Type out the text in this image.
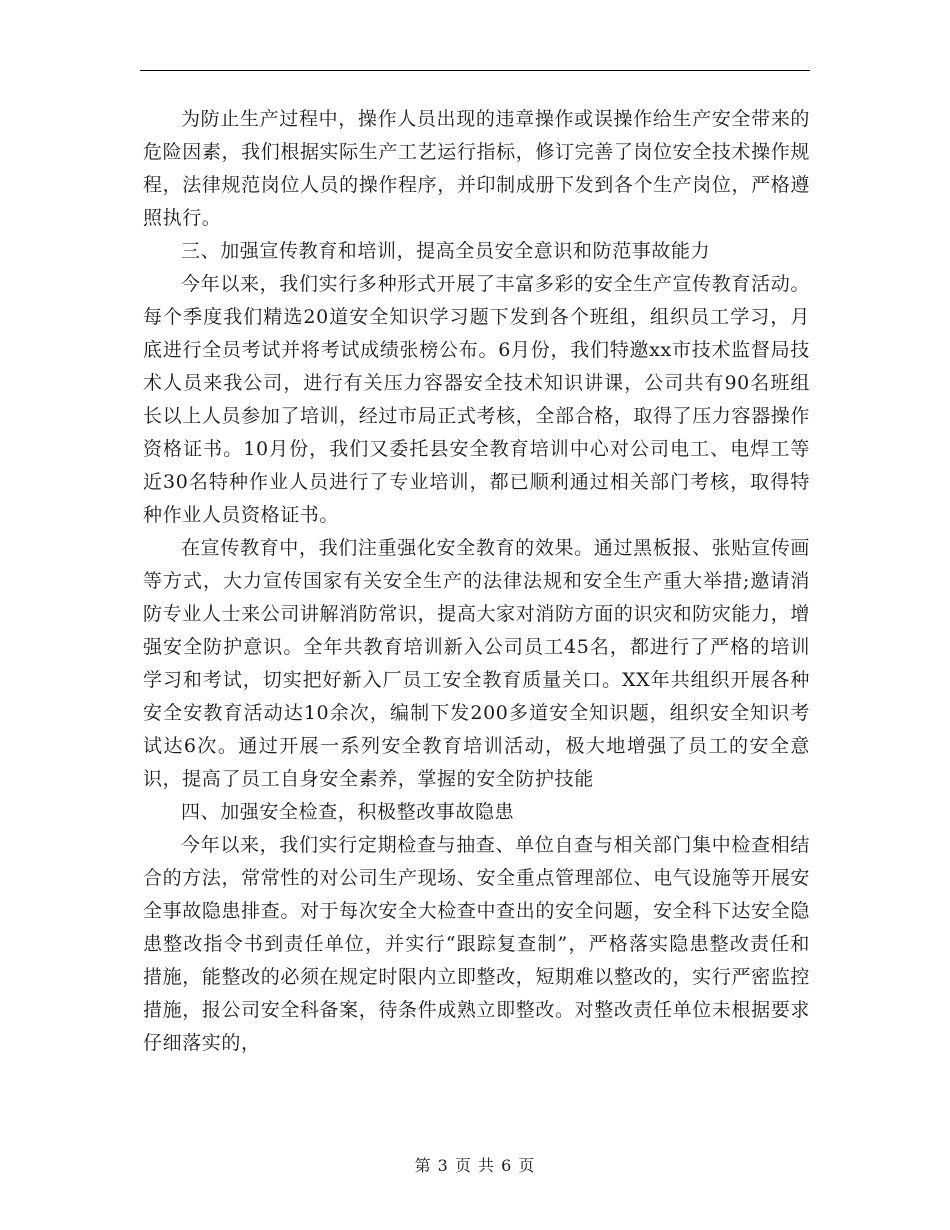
为防止生产过程中，操作人员出现的违章操作或误操作给生产安全带来的危险因素，我们根据实际生产工艺运行指标，修订完善了岗位安全技术操作规程，法律规范岗位人员的操作程序，并印制成册下发到各个生产岗位，严格遵照执行。

三、加强宣传教育和培训，提高全员安全意识和防范事故能力

今年以来，我们实行多种形式开展了丰富多彩的安全生产宣传教育活动。每个季度我们精选20道安全知识学习题下发到各个班组，组织员工学习，月底进行全员考试并将考试成绩张榜公布。6月份，我们特邀xx市技术监督局技术人员来我公司，进行有关压力容器安全技术知识讲课，公司共有90名班组长以上人员参加了培训，经过市局正式考核，全部合格，取得了压力容器操作资格证书。10月份，我们又委托县安全教育培训中心对公司电工、电焊工等近30名特种作业人员进行了专业培训，都已顺利通过相关部门考核，取得特种作业人员资格证书。

在宣传教育中，我们注重强化安全教育的效果。通过黑板报、张贴宣传画等方式，大力宣传国家有关安全生产的法律法规和安全生产重大举措;邀请消防专业人士来公司讲解消防常识，提高大家对消防方面的识灾和防灾能力，增强安全防护意识。全年共教育培训新入公司员工45名，都进行了严格的培训学习和考试，切实把好新入厂员工安全教育质量关口。XX年共组织开展各种安全安教育活动达10余次，编制下发200多道安全知识题，组织安全知识考试达6次。通过开展一系列安全教育培训活动，极大地增强了员工的安全意识，提高了员工自身安全素养，掌握的安全防护技能

四、加强安全检查，积极整改事故隐患

今年以来，我们实行定期检查与抽查、单位自查与相关部门集中检查相结合的方法，常常性的对公司生产现场、安全重点管理部位、电气设施等开展安全事故隐患排查。对于每次安全大检查中查出的安全问题，安全科下达安全隐患整改指令书到责任单位，并实行“跟踪复查制”，严格落实隐患整改责任和措施，能整改的必须在规定时限内立即整改，短期难以整改的，实行严密监控措施，报公司安全科备案，待条件成熟立即整改。对整改责任单位未根据要求仔细落实的，

第 3 页 共 6 页
